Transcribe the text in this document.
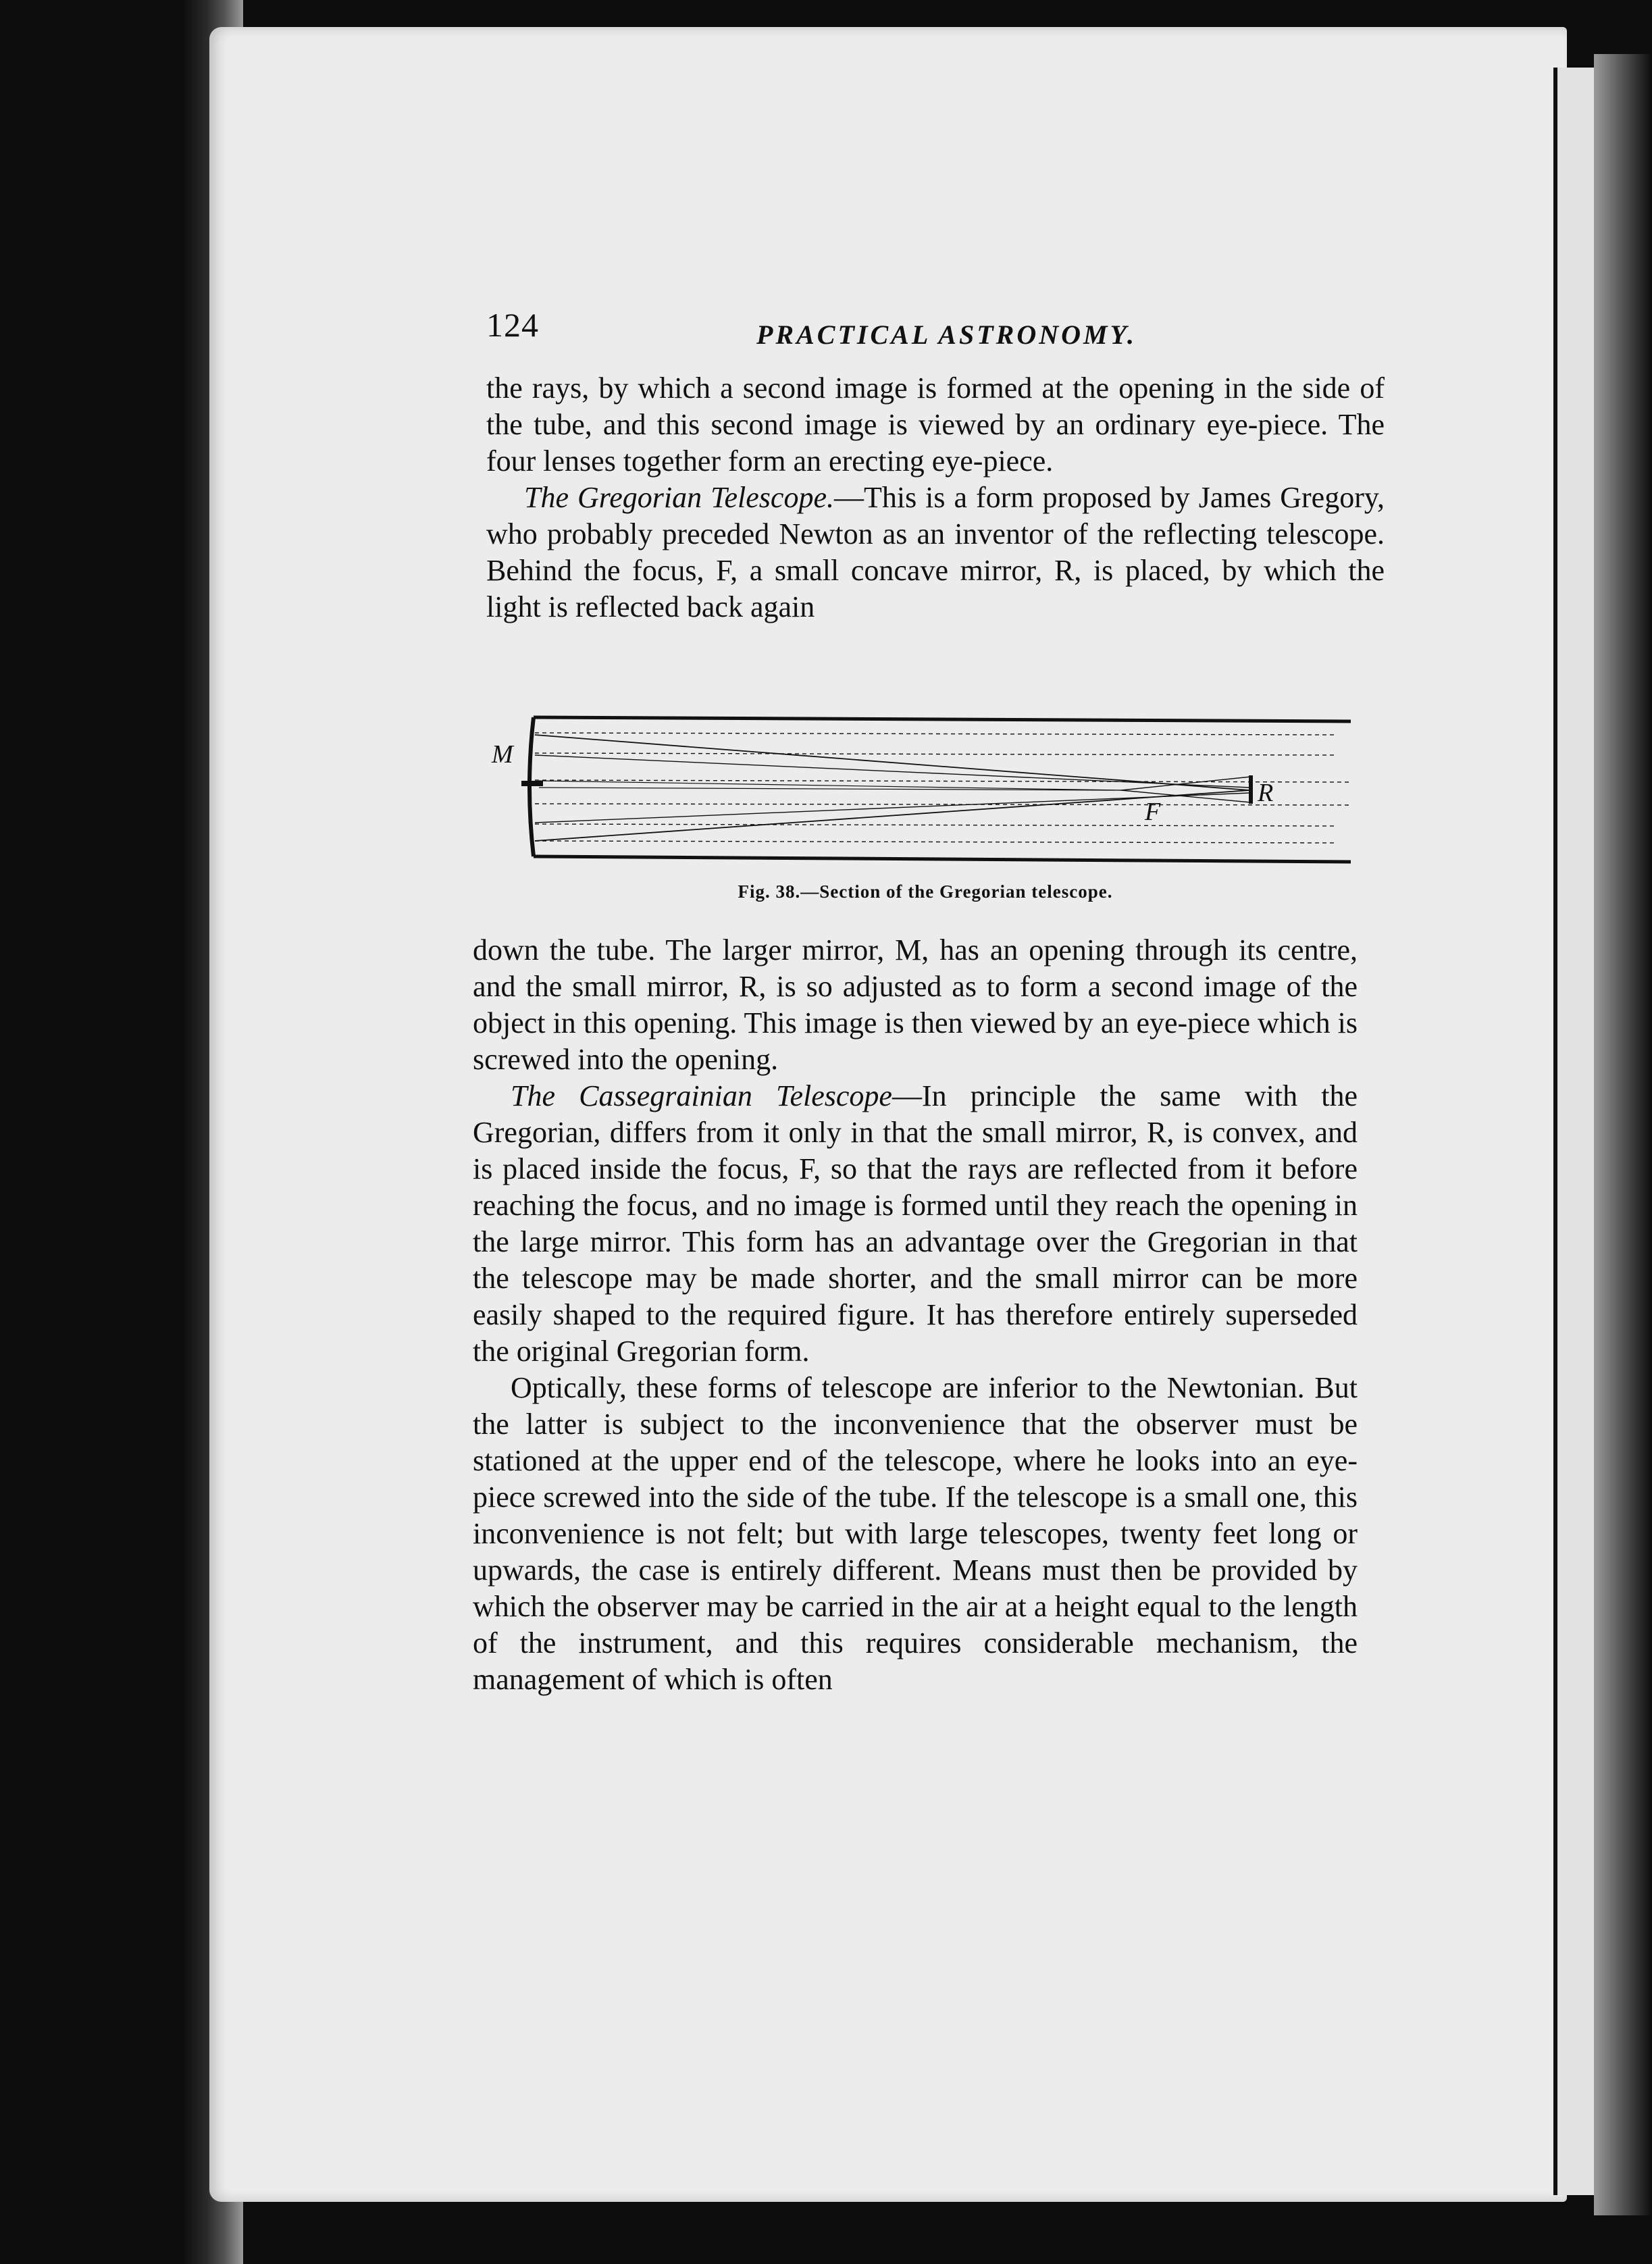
124	PRACTICAL ASTRONOMY.

the rays, by which a second image is formed at the opening in the side of the tube, and this second image is viewed by an ordinary eye-piece. The four lenses together form an erecting eye-piece.

The Gregorian Telescope.—This is a form proposed by James Gregory, who probably preceded Newton as an inventor of the reflecting telescope. Behind the focus, F, a small concave mirror, R, is placed, by which the light is reflected back again

M
F
R
Fig. 38.—Section of the Gregorian telescope.

down the tube. The larger mirror, M, has an opening through its centre, and the small mirror, R, is so adjusted as to form a second image of the object in this opening. This image is then viewed by an eye-piece which is screwed into the opening.

The Cassegrainian Telescope—In principle the same with the Gregorian, differs from it only in that the small mirror, R, is convex, and is placed inside the focus, F, so that the rays are reflected from it before reaching the focus, and no image is formed until they reach the opening in the large mirror. This form has an advantage over the Gregorian in that the telescope may be made shorter, and the small mirror can be more easily shaped to the required figure. It has therefore entirely superseded the original Gregorian form.

Optically, these forms of telescope are inferior to the Newtonian. But the latter is subject to the inconvenience that the observer must be stationed at the upper end of the telescope, where he looks into an eye-piece screwed into the side of the tube. If the telescope is a small one, this inconvenience is not felt; but with large telescopes, twenty feet long or upwards, the case is entirely different. Means must then be provided by which the observer may be carried in the air at a height equal to the length of the instrument, and this requires considerable mechanism, the management of which is often
